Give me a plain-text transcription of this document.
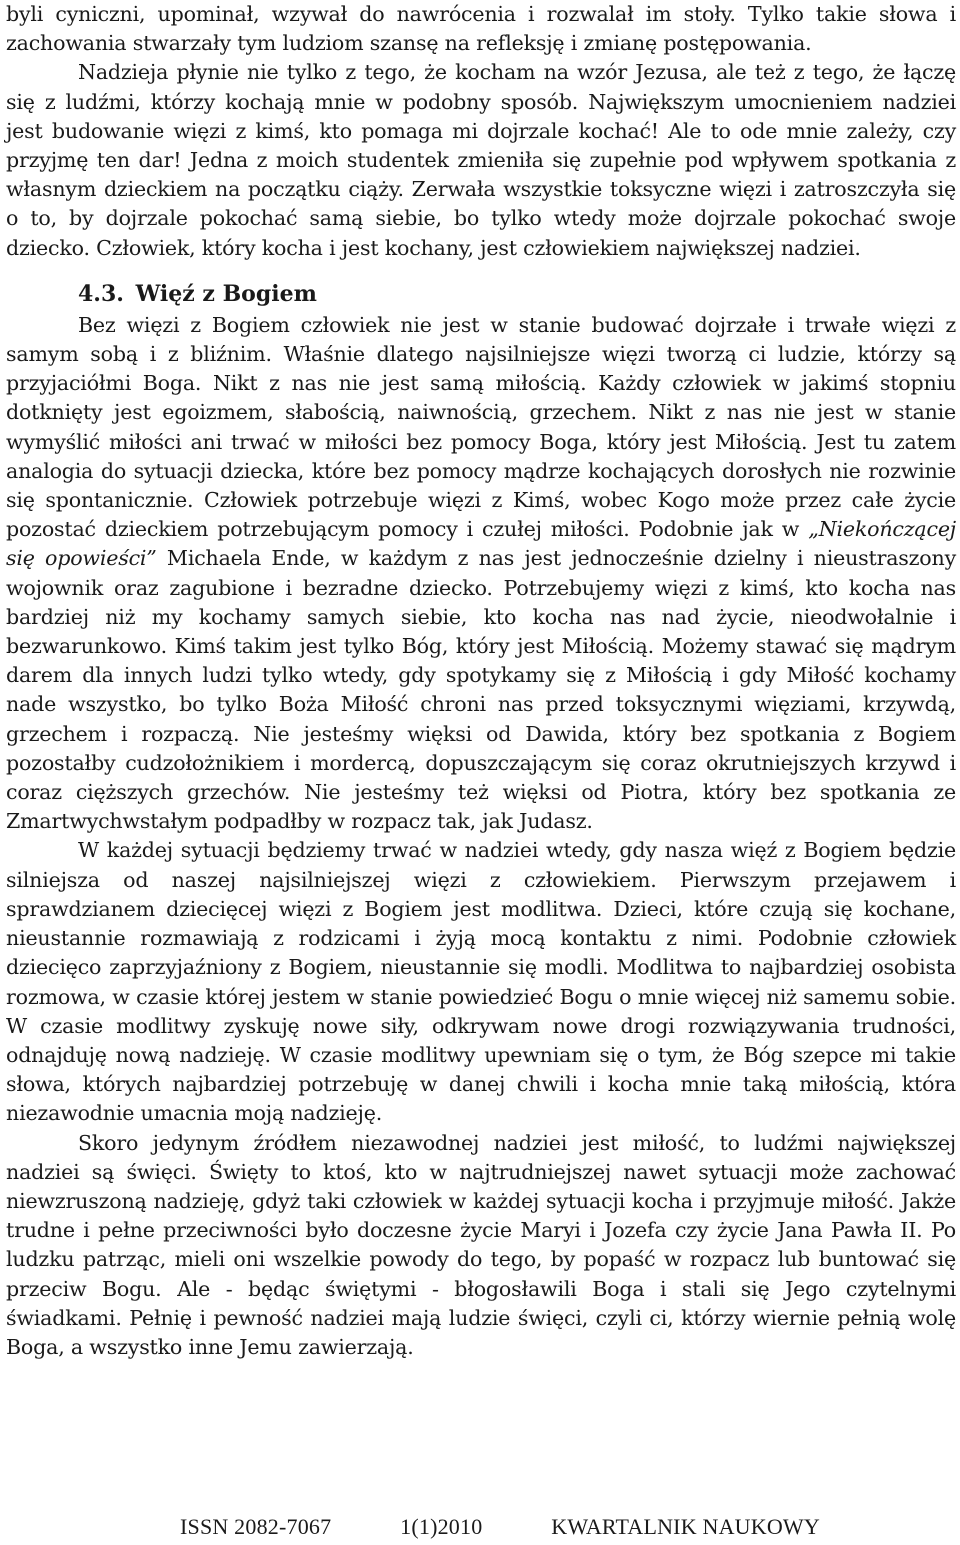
byli cyniczni, upominał, wzywał do nawrócenia i rozwalał im stoły. Tylko takie słowa i zachowania stwarzały tym ludziom szansę na refleksję i zmianę postępowania.

Nadzieja płynie nie tylko z tego, że kocham na wzór Jezusa, ale też z tego, że łączę się z ludźmi, którzy kochają mnie w podobny sposób. Największym umocnieniem nadziei jest budowanie więzi z kimś, kto pomaga mi dojrzale kochać! Ale to ode mnie zależy, czy przyjmę ten dar! Jedna z moich studentek zmieniła się zupełnie pod wpływem spotkania z własnym dzieckiem na początku ciąży. Zerwała wszystkie toksyczne więzi i zatroszczyła się o to, by dojrzale pokochać samą siebie, bo tylko wtedy może dojrzale pokochać swoje dziecko. Człowiek, który kocha i jest kochany, jest człowiekiem największej nadziei.

4.3. Więź z Bogiem

Bez więzi z Bogiem człowiek nie jest w stanie budować dojrzałe i trwałe więzi z samym sobą i z bliźnim. Właśnie dlatego najsilniejsze więzi tworzą ci ludzie, którzy są przyjaciółmi Boga. Nikt z nas nie jest samą miłością. Każdy człowiek w jakimś stopniu dotknięty jest egoizmem, słabością, naiwnością, grzechem. Nikt z nas nie jest w stanie wymyślić miłości ani trwać w miłości bez pomocy Boga, który jest Miłością. Jest tu zatem analogia do sytuacji dziecka, które bez pomocy mądrze kochających dorosłych nie rozwinie się spontanicznie. Człowiek potrzebuje więzi z Kimś, wobec Kogo może przez całe życie pozostać dzieckiem potrzebującym pomocy i czułej miłości. Podobnie jak w „Niekończącej się opowieści” Michaela Ende, w każdym z nas jest jednocześnie dzielny i nieustraszony wojownik oraz zagubione i bezradne dziecko. Potrzebujemy więzi z kimś, kto kocha nas bardziej niż my kochamy samych siebie, kto kocha nas nad życie, nieodwołalnie i bezwarunkowo. Kimś takim jest tylko Bóg, który jest Miłością. Możemy stawać się mądrym darem dla innych ludzi tylko wtedy, gdy spotykamy się z Miłością i gdy Miłość kochamy nade wszystko, bo tylko Boża Miłość chroni nas przed toksycznymi więziami, krzywdą, grzechem i rozpaczą. Nie jesteśmy więksi od Dawida, który bez spotkania z Bogiem pozostałby cudzołożnikiem i mordercą, dopuszczającym się coraz okrutniejszych krzywd i coraz cięższych grzechów. Nie jesteśmy też więksi od Piotra, który bez spotkania ze Zmartwychwstałym podpadłby w rozpacz tak, jak Judasz.

W każdej sytuacji będziemy trwać w nadziei wtedy, gdy nasza więź z Bogiem będzie silniejsza od naszej najsilniejszej więzi z człowiekiem. Pierwszym przejawem i sprawdzianem dziecięcej więzi z Bogiem jest modlitwa. Dzieci, które czują się kochane, nieustannie rozmawiają z rodzicami i żyją mocą kontaktu z nimi. Podobnie człowiek dziecięco zaprzyjaźniony z Bogiem, nieustannie się modli. Modlitwa to najbardziej osobista rozmowa, w czasie której jestem w stanie powiedzieć Bogu o mnie więcej niż samemu sobie. W czasie modlitwy zyskuję nowe siły, odkrywam nowe drogi rozwiązywania trudności, odnajduję nową nadzieję. W czasie modlitwy upewniam się o tym, że Bóg szepce mi takie słowa, których najbardziej potrzebuję w danej chwili i kocha mnie taką miłością, która niezawodnie umacnia moją nadzieję.

Skoro jedynym źródłem niezawodnej nadziei jest miłość, to ludźmi największej nadziei są święci. Święty to ktoś, kto w najtrudniejszej nawet sytuacji może zachować niewzruszoną nadzieję, gdyż taki człowiek w każdej sytuacji kocha i przyjmuje miłość. Jakże trudne i pełne przeciwności było doczesne życie Maryi i Jozefa czy życie Jana Pawła II. Po ludzku patrząc, mieli oni wszelkie powody do tego, by popaść w rozpacz lub buntować się przeciw Bogu. Ale - będąc świętymi - błogosławili Boga i stali się Jego czytelnymi świadkami. Pełnię i pewność nadziei mają ludzie święci, czyli ci, którzy wiernie pełnią wolę Boga, a wszystko inne Jemu zawierzają.

ISSN 2082-7067	1(1)2010	KWARTALNIK NAUKOWY
